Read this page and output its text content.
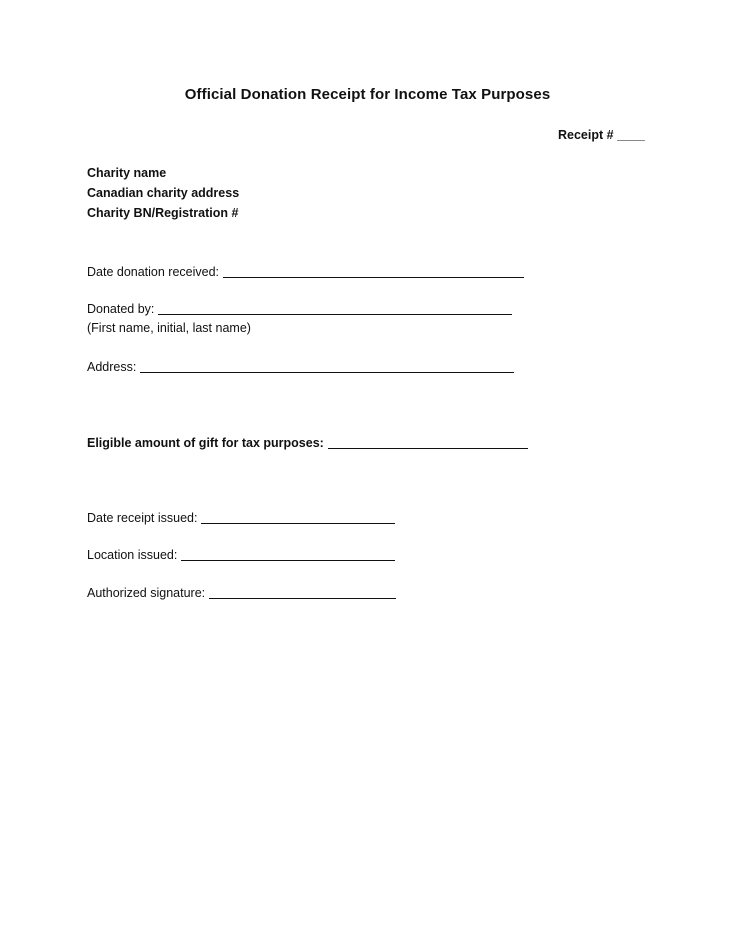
Official Donation Receipt for Income Tax Purposes
Receipt # ____
Charity name
Canadian charity address
Charity BN/Registration #
Date donation received:
Donated by:
(First name, initial, last name)
Address:
Eligible amount of gift for tax purposes:
Date receipt issued:
Location issued:
Authorized signature:
